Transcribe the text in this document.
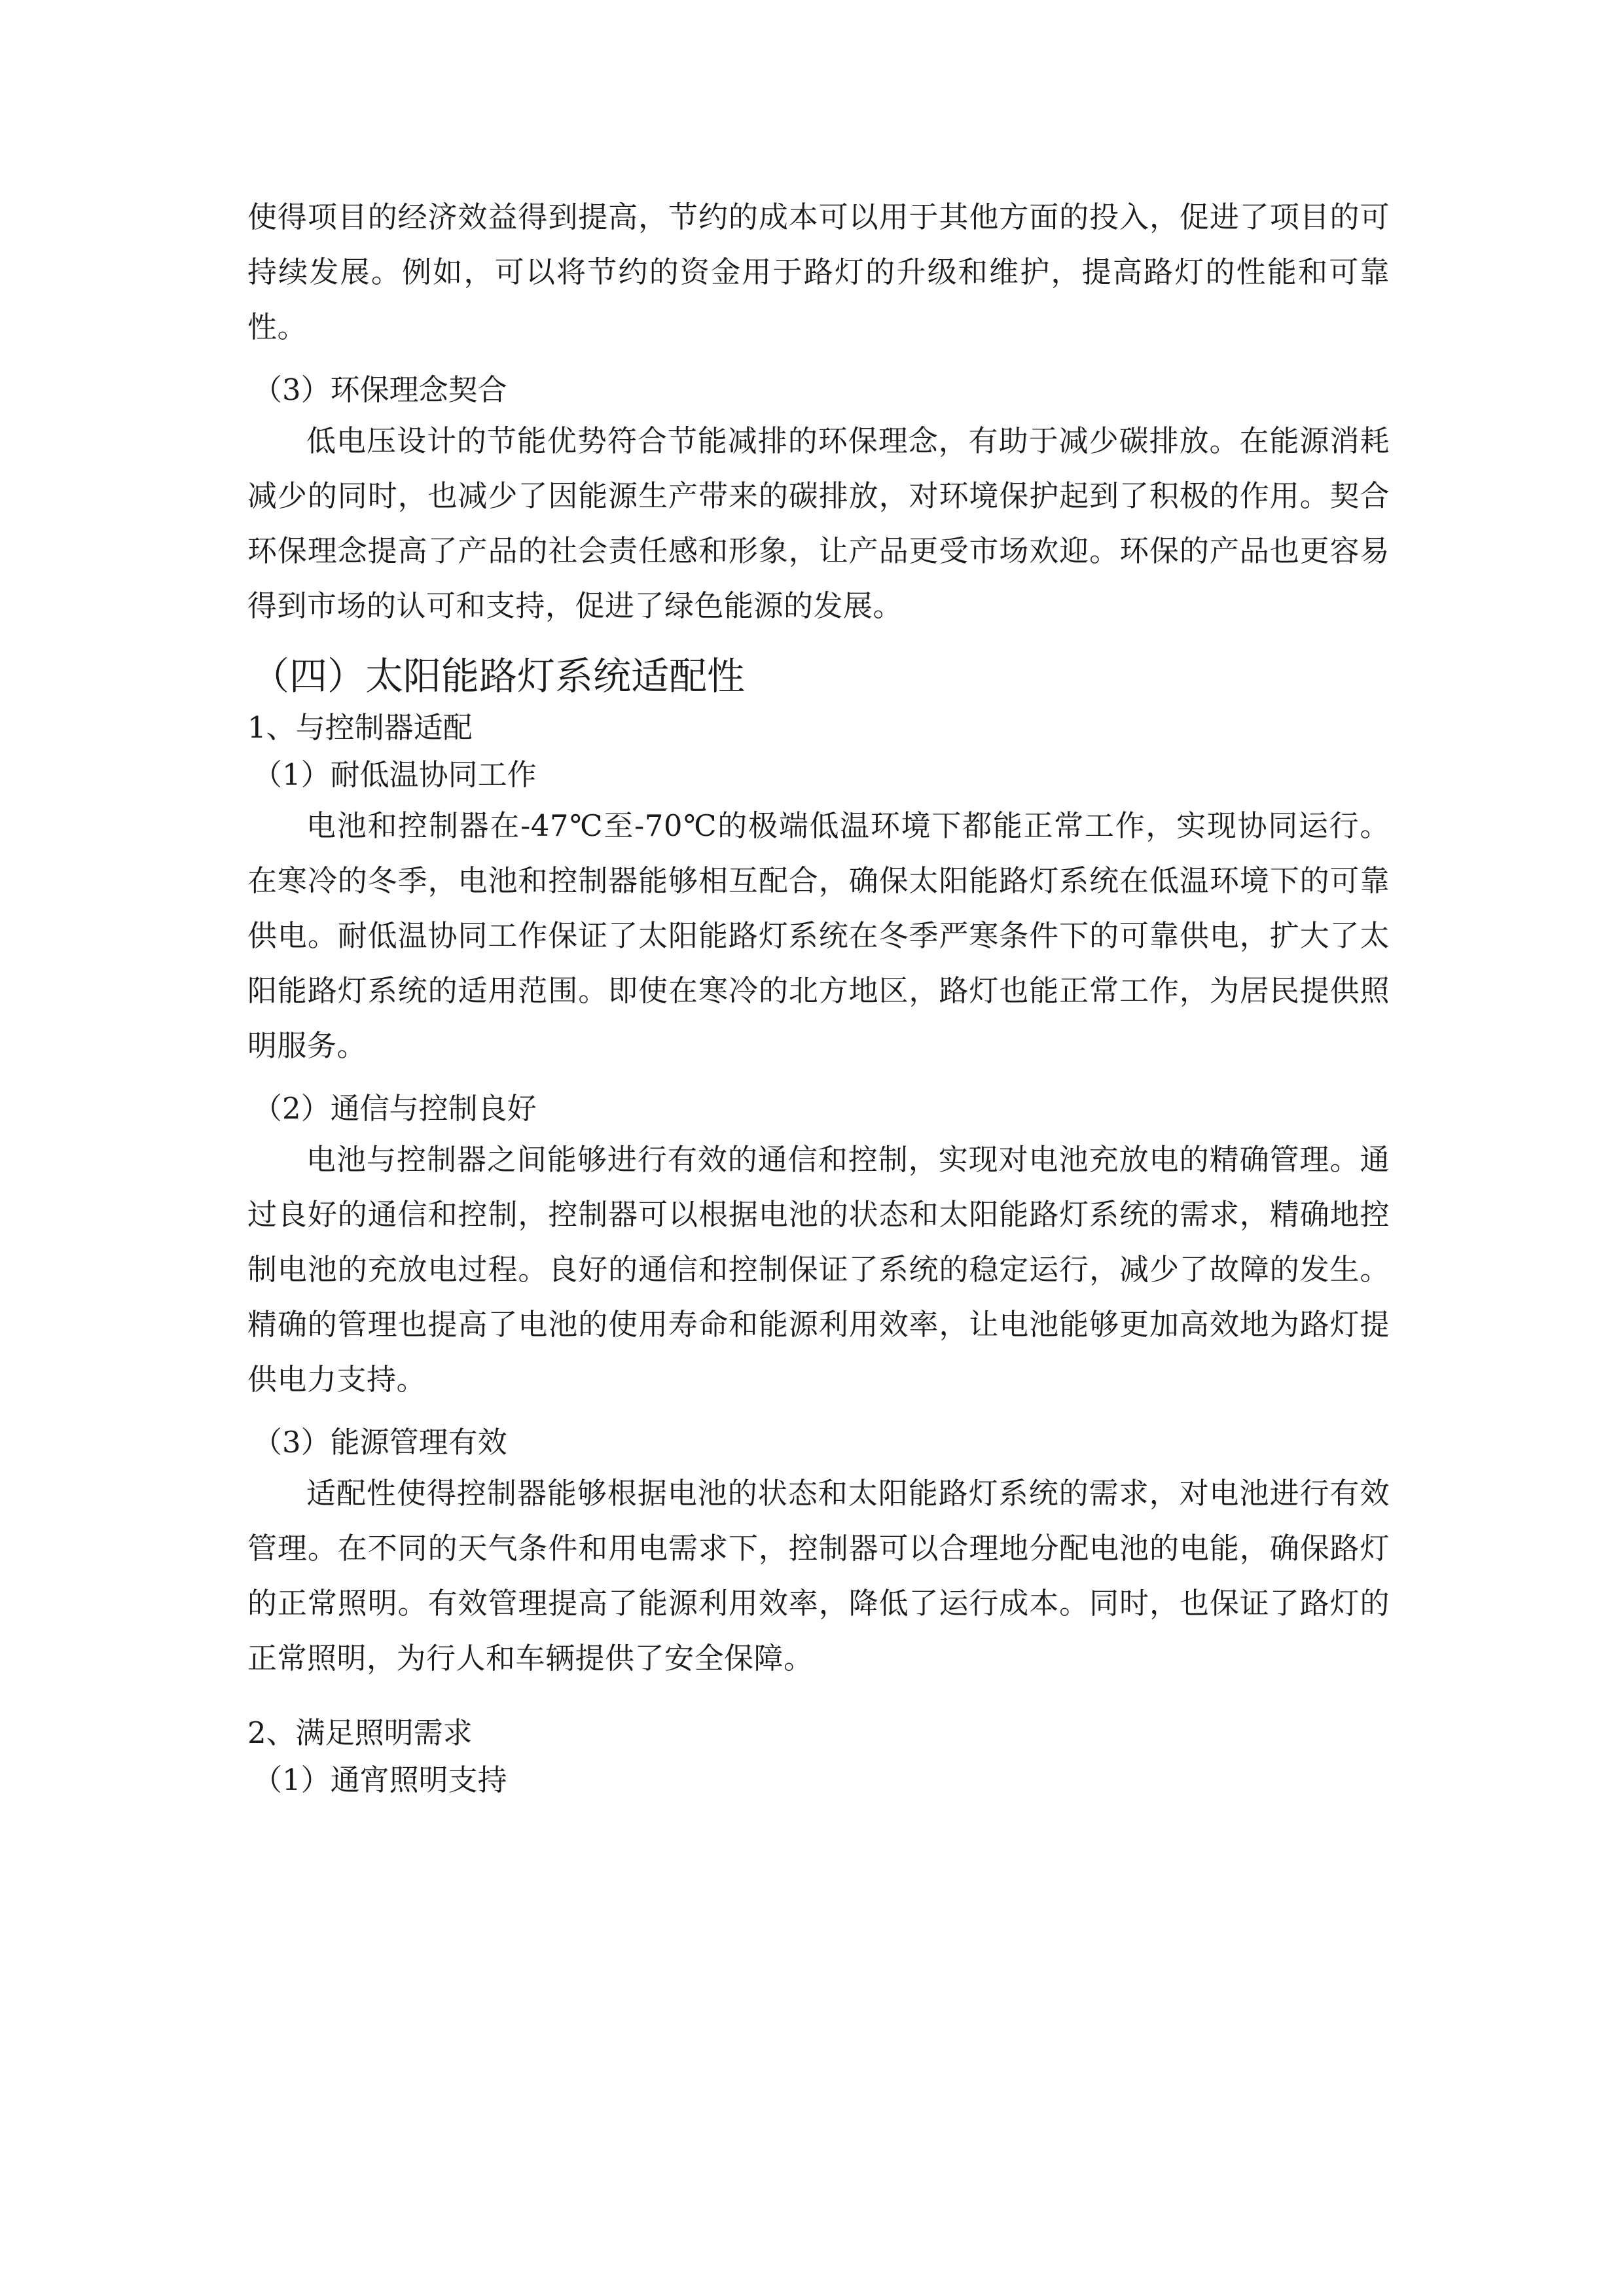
使得项目的经济效益得到提高，节约的成本可以用于其他方面的投入，促进了项目的可持续发展。例如，可以将节约的资金用于路灯的升级和维护，提高路灯的性能和可靠性。

（3）环保理念契合

低电压设计的节能优势符合节能减排的环保理念，有助于减少碳排放。在能源消耗减少的同时，也减少了因能源生产带来的碳排放，对环境保护起到了积极的作用。契合环保理念提高了产品的社会责任感和形象，让产品更受市场欢迎。环保的产品也更容易得到市场的认可和支持，促进了绿色能源的发展。

（四）太阳能路灯系统适配性
1、与控制器适配
（1）耐低温协同工作

电池和控制器在-47℃至-70℃的极端低温环境下都能正常工作，实现协同运行。在寒冷的冬季，电池和控制器能够相互配合，确保太阳能路灯系统在低温环境下的可靠供电。耐低温协同工作保证了太阳能路灯系统在冬季严寒条件下的可靠供电，扩大了太阳能路灯系统的适用范围。即使在寒冷的北方地区，路灯也能正常工作，为居民提供照明服务。

（2）通信与控制良好

电池与控制器之间能够进行有效的通信和控制，实现对电池充放电的精确管理。通过良好的通信和控制，控制器可以根据电池的状态和太阳能路灯系统的需求，精确地控制电池的充放电过程。良好的通信和控制保证了系统的稳定运行，减少了故障的发生。精确的管理也提高了电池的使用寿命和能源利用效率，让电池能够更加高效地为路灯提供电力支持。

（3）能源管理有效

适配性使得控制器能够根据电池的状态和太阳能路灯系统的需求，对电池进行有效管理。在不同的天气条件和用电需求下，控制器可以合理地分配电池的电能，确保路灯的正常照明。有效管理提高了能源利用效率，降低了运行成本。同时，也保证了路灯的正常照明，为行人和车辆提供了安全保障。

2、满足照明需求
（1）通宵照明支持
